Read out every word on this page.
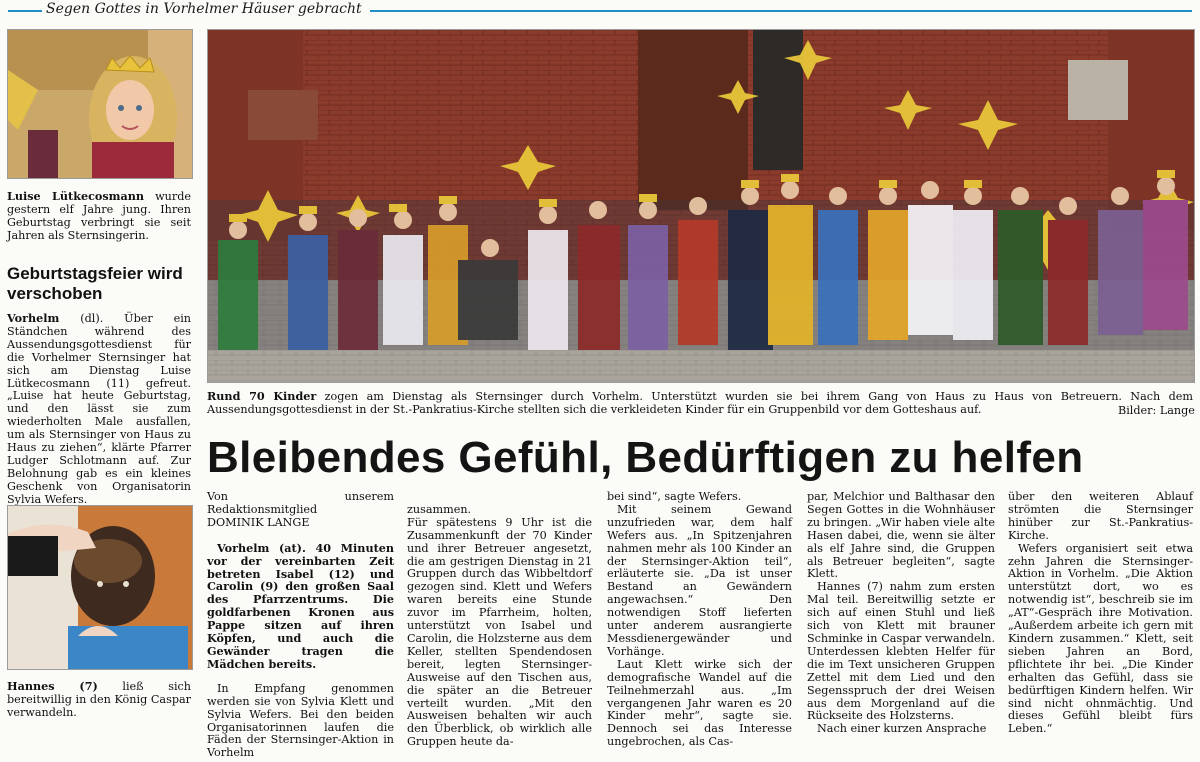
Segen Gottes in Vorhelmer Häuser gebracht
Luise Lütkecosmann wurde gestern elf Jahre jung. Ihren Geburtstag verbringt sie seit Jahren als Sternsingerin.
Geburtstagsfeier wird verschoben
Vorhelm (dl). Über ein Ständchen während des Aussendungsgottesdienst für die Vorhelmer Sternsinger hat sich am Dienstag Luise Lütkecosmann (11) gefreut. „Luise hat heute Geburtstag, und den lässt sie zum wiederholten Male ausfallen, um als Sternsinger von Haus zu Haus zu ziehen“, klärte Pfarrer Ludger Schlotmann auf. Zur Belohnung gab es ein kleines Geschenk von Organisatorin Sylvia Wefers.
Hannes (7) ließ sich bereitwillig in den König Caspar verwandeln.
Rund 70 Kinder zogen am Dienstag als Sternsinger durch Vorhelm. Unterstützt wurden sie bei ihrem Gang von Haus zu Haus von Betreuern. Nach dem Aussendungsgottesdienst in der St.-Pankratius-Kirche stellten sich die verkleideten Kinder für ein Gruppenbild vor dem Gotteshaus auf.	Bilder: Lange
Bleibendes Gefühl, Bedürftigen zu helfen
Von unserem Redaktionsmitglied
DOMINIK LANGE

Vorhelm (at). 40 Minuten vor der vereinbarten Zeit betreten Isabel (12) und Carolin (9) den großen Saal des Pfarrzentrums. Die goldfarbenen Kronen aus Pappe sitzen auf ihren Köpfen, und auch die Gewänder tragen die Mädchen bereits.

In Empfang genommen werden sie von Sylvia Klett und Sylvia Wefers. Bei den beiden Organisatorinnen laufen die Fäden der Sternsinger-Aktion in Vorhelm

zusammen.
Für spätestens 9 Uhr ist die Zusammenkunft der 70 Kinder und ihrer Betreuer angesetzt, die am gestrigen Dienstag in 21 Gruppen durch das Wibbeltdorf gezogen sind. Klett und Wefers waren bereits eine Stunde zuvor im Pfarrheim, holten, unterstützt von Isabel und Carolin, die Holzsterne aus dem Keller, stellten Spendendosen bereit, legten Sternsinger-Ausweise auf den Tischen aus, die später an die Betreuer verteilt wurden. „Mit den Ausweisen behalten wir auch den Überblick, ob wirklich alle Gruppen heute da-

bei sind“, sagte Wefers.

Mit seinem Gewand unzufrieden war, dem half Wefers aus. „In Spitzenjahren nahmen mehr als 100 Kinder an der Sternsinger-Aktion teil“, erläuterte sie. „Da ist unser Bestand an Gewändern angewachsen.“ Den notwendigen Stoff lieferten unter anderem ausrangierte Messdienergewänder und Vorhänge.

Laut Klett wirke sich der demografische Wandel auf die Teilnehmerzahl aus. „Im vergangenen Jahr waren es 20 Kinder mehr“, sagte sie. Dennoch sei das Interesse ungebrochen, als Cas-

par, Melchior und Balthasar den Segen Gottes in die Wohnhäuser zu bringen. „Wir haben viele alte Hasen dabei, die, wenn sie älter als elf Jahre sind, die Gruppen als Betreuer begleiten“, sagte Klett.

Hannes (7) nahm zum ersten Mal teil. Bereitwillig setzte er sich auf einen Stuhl und ließ sich von Klett mit brauner Schminke in Caspar verwandeln. Unterdessen klebten Helfer für die im Text unsicheren Gruppen Zettel mit dem Lied und den Segensspruch der drei Weisen aus dem Morgenland auf die Rückseite des Holzsterns.

Nach einer kurzen Ansprache

über den weiteren Ablauf strömten die Sternsinger hinüber zur St.-Pankratius-Kirche.

Wefers organisiert seit etwa zehn Jahren die Sternsinger-Aktion in Vorhelm. „Die Aktion unterstützt dort, wo es notwendig ist“, beschreib sie im „AT“-Gespräch ihre Motivation. „Außerdem arbeite ich gern mit Kindern zusammen.“ Klett, seit sieben Jahren an Bord, pflichtete ihr bei. „Die Kinder erhalten das Gefühl, dass sie bedürftigen Kindern helfen. Wir sind nicht ohnmächtig. Und dieses Gefühl bleibt fürs Leben.“
